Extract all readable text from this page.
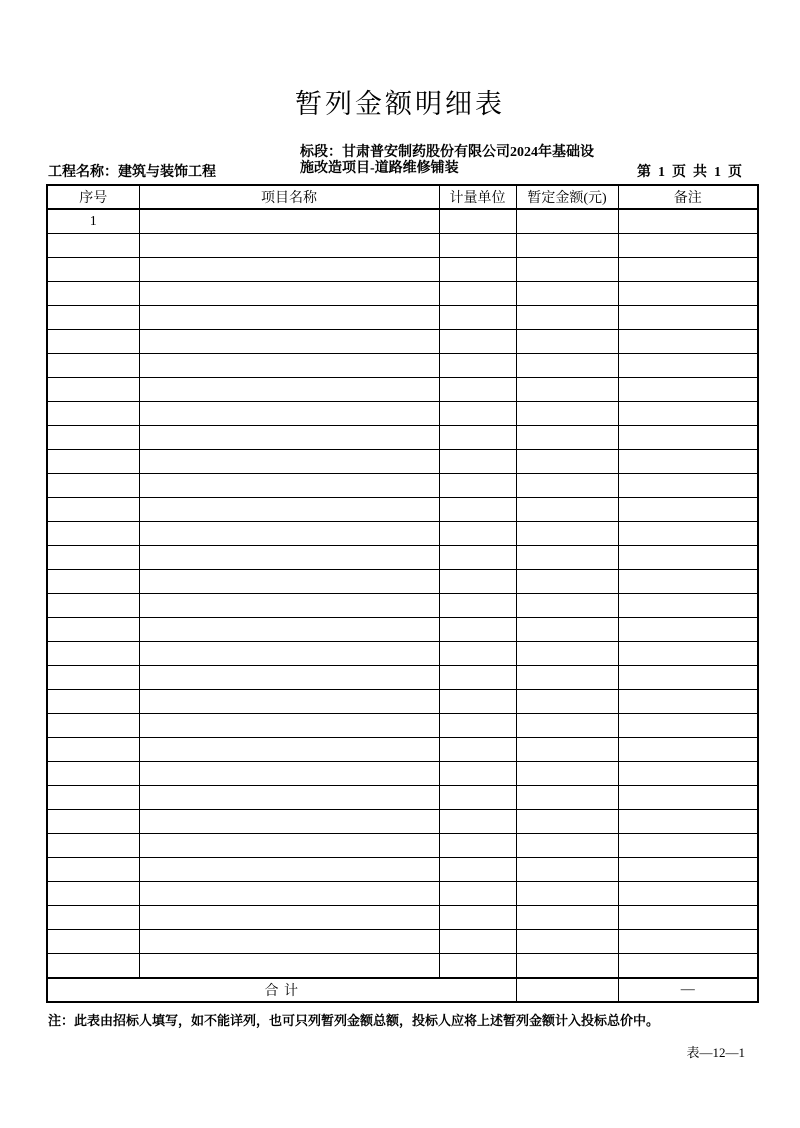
暂列金额明细表
工程名称：建筑与装饰工程
标段：甘肃普安制药股份有限公司2024年基础设
施改造项目-道路维修铺装	第  1  页  共  1  页
序号	项目名称	计量单位	暂定金额(元)	备注
1				

合 计				—
注：此表由招标人填写，如不能详列，也可只列暂列金额总额，投标人应将上述暂列金额计入投标总价中。
表—12—1
